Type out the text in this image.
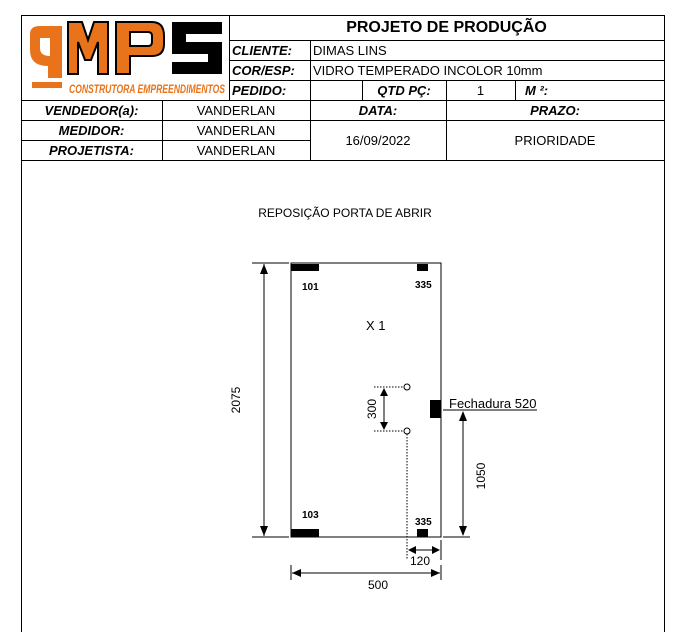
CONSTRUTORA EMPREENDIMENTOS
PROJETO DE PRODUÇÃO
CLIENTE:	DIMAS LINS
COR/ESP:	VIDRO TEMPERADO INCOLOR 10mm
PEDIDO:	QTD PÇ:	1	M ²:
VENDEDOR(a):	VANDERLAN	DATA:	PRAZO:
MEDIDOR:	VANDERLAN
PROJETISTA:	VANDERLAN
16/09/2022	PRIORIDADE
REPOSIÇÃO PORTA DE ABRIR
101	335
103
335
X 1
300
2075
1050
Fechadura 520
120
500
